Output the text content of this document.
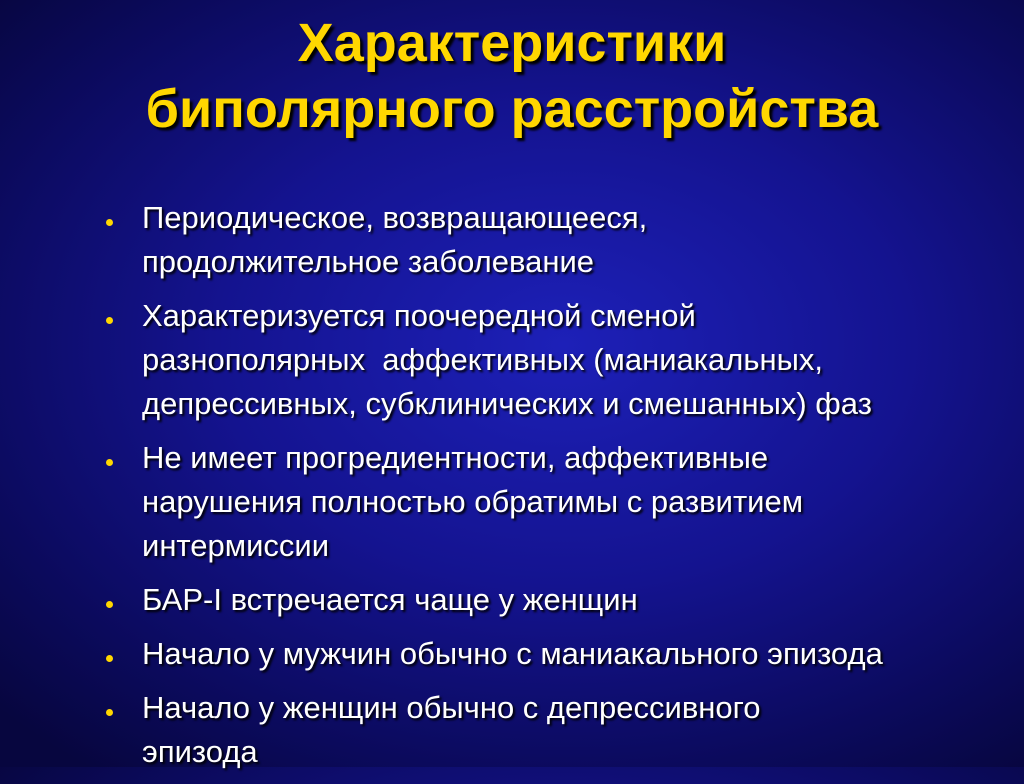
Характеристики
биполярного расстройства
Периодическое, возвращающееся,
продолжительное заболевание
Характеризуется поочередной сменой
разнополярных  аффективных (маниакальных,
депрессивных, субклинических и смешанных) фаз
Не имеет прогредиентности, аффективные
нарушения полностью обратимы с развитием
интермиссии
БАР-I встречается чаще у женщин
Начало у мужчин обычно с маниакального эпизода
Начало у женщин обычно с депрессивного
эпизода
